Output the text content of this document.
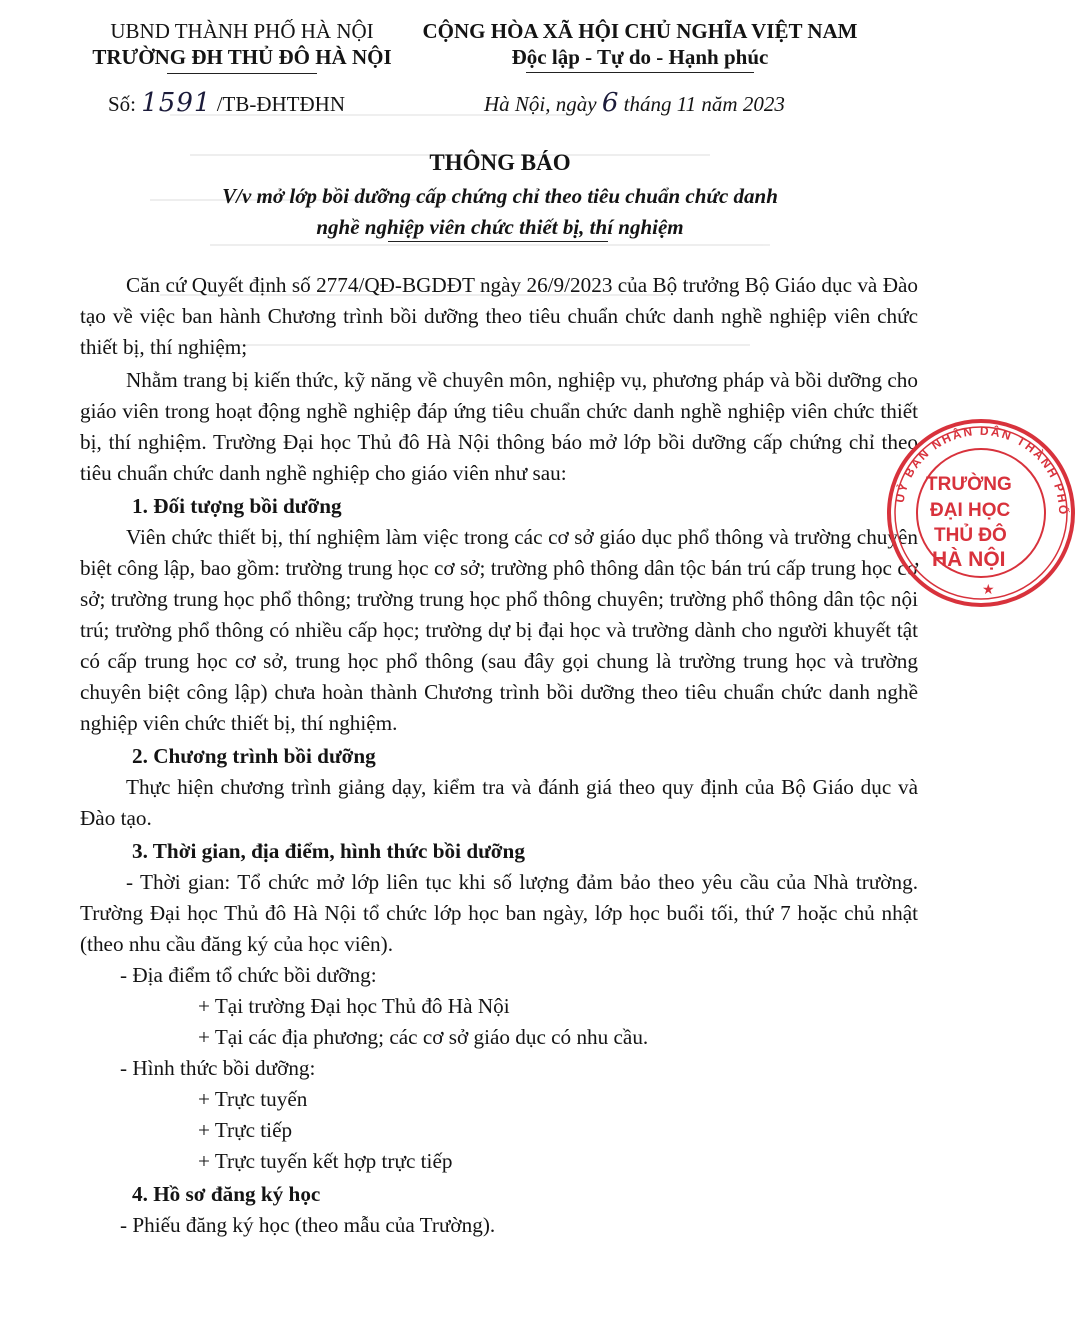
UBND THÀNH PHỐ HÀ NỘI
TRƯỜNG ĐH THỦ ĐÔ HÀ NỘI
CỘNG HÒA XÃ HỘI CHỦ NGHĨA VIỆT NAM
Độc lập - Tự do - Hạnh phúc
Số: 1591 /TB-ĐHTĐHN	Hà Nội, ngày 6 tháng 11 năm 2023
THÔNG BÁO
V/v mở lớp bồi dưỡng cấp chứng chỉ theo tiêu chuẩn chức danh
nghề nghiệp viên chức thiết bị, thí nghiệm

Căn cứ Quyết định số 2774/QĐ-BGDĐT ngày 26/9/2023 của Bộ trưởng Bộ Giáo dục và Đào tạo về việc ban hành Chương trình bồi dưỡng theo tiêu chuẩn chức danh nghề nghiệp viên chức thiết bị, thí nghiệm;

Nhằm trang bị kiến thức, kỹ năng về chuyên môn, nghiệp vụ, phương pháp và bồi dưỡng cho giáo viên trong hoạt động nghề nghiệp đáp ứng tiêu chuẩn chức danh nghề nghiệp viên chức thiết bị, thí nghiệm. Trường Đại học Thủ đô Hà Nội thông báo mở lớp bồi dưỡng cấp chứng chỉ theo tiêu chuẩn chức danh nghề nghiệp cho giáo viên như sau:

1. Đối tượng bồi dưỡng

Viên chức thiết bị, thí nghiệm làm việc trong các cơ sở giáo dục phổ thông và trường chuyên biệt công lập, bao gồm: trường trung học cơ sở; trường phô thông dân tộc bán trú cấp trung học cơ sở; trường trung học phổ thông; trường trung học phổ thông chuyên; trường phổ thông dân tộc nội trú; trường phổ thông có nhiều cấp học; trường dự bị đại học và trường dành cho người khuyết tật có cấp trung học cơ sở, trung học phổ thông (sau đây gọi chung là trường trung học và trường chuyên biệt công lập) chưa hoàn thành Chương trình bồi dưỡng theo tiêu chuẩn chức danh nghề nghiệp viên chức thiết bị, thí nghiệm.

2. Chương trình bồi dưỡng

Thực hiện chương trình giảng dạy, kiểm tra và đánh giá theo quy định của Bộ Giáo dục và Đào tạo.

3. Thời gian, địa điểm, hình thức bồi dưỡng

- Thời gian: Tổ chức mở lớp liên tục khi số lượng đảm bảo theo yêu cầu của Nhà trường. Trường Đại học Thủ đô Hà Nội tổ chức lớp học ban ngày, lớp học buổi tối, thứ 7 hoặc chủ nhật (theo nhu cầu đăng ký của học viên).

- Địa điểm tổ chức bồi dưỡng:

+ Tại trường Đại học Thủ đô Hà Nội

+ Tại các địa phương; các cơ sở giáo dục có nhu cầu.

- Hình thức bồi dưỡng:

+ Trực tuyến

+ Trực tiếp

+ Trực tuyến kết hợp trực tiếp

4. Hồ sơ đăng ký học

- Phiếu đăng ký học (theo mẫu của Trường).

UỶ BAN NHÂN DÂN THÀNH PHỐ
TRƯỜNG
ĐẠI HỌC
THỦ ĐÔ
HÀ NỘI
★
